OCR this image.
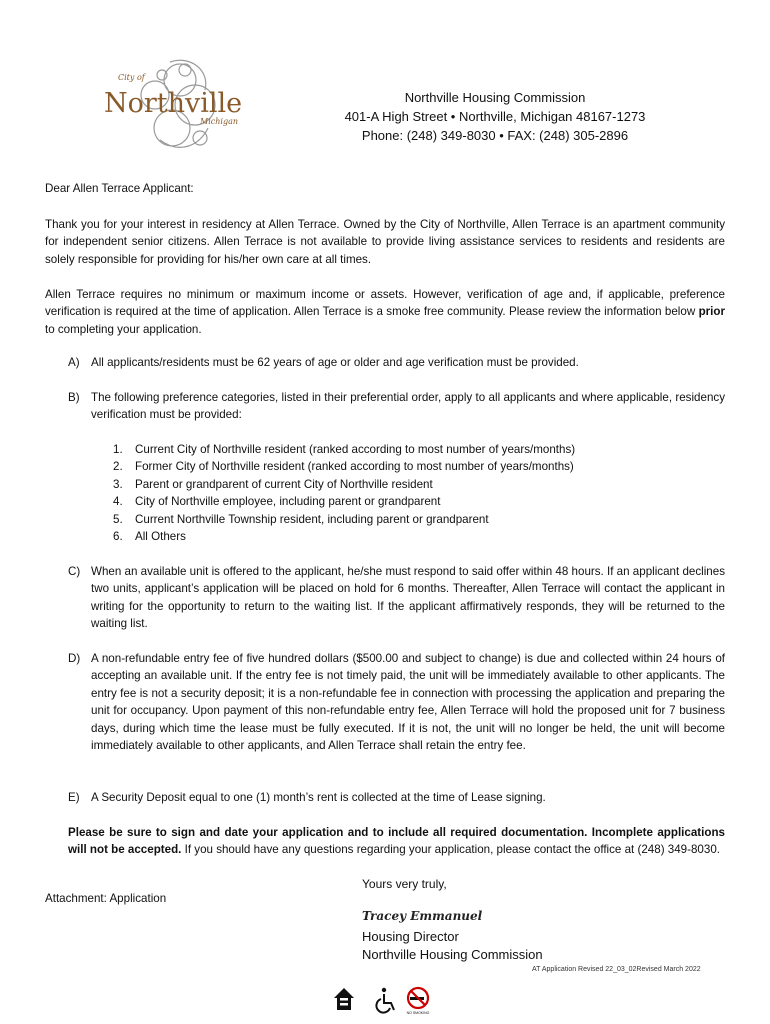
City of
Northville
Michigan
Northville Housing Commission
401-A High Street • Northville, Michigan 48167-1273
Phone: (248) 349-8030 • FAX: (248) 305-2896
Dear Allen Terrace Applicant:
Thank you for your interest in residency at Allen Terrace. Owned by the City of Northville, Allen Terrace is an apartment community for independent senior citizens. Allen Terrace is not available to provide living assistance services to residents and residents are solely responsible for providing for his/her own care at all times.
Allen Terrace requires no minimum or maximum income or assets. However, verification of age and, if applicable, preference verification is required at the time of application. Allen Terrace is a smoke free community. Please review the information below prior to completing your application.
A) All applicants/residents must be 62 years of age or older and age verification must be provided.
B) The following preference categories, listed in their preferential order, apply to all applicants and where applicable, residency verification must be provided:
1. Current City of Northville resident (ranked according to most number of years/months)
2. Former City of Northville resident (ranked according to most number of years/months)
3. Parent or grandparent of current City of Northville resident
4. City of Northville employee, including parent or grandparent
5. Current Northville Township resident, including parent or grandparent
6. All Others
C) When an available unit is offered to the applicant, he/she must respond to said offer within 48 hours. If an applicant declines two units, applicant’s application will be placed on hold for 6 months. Thereafter, Allen Terrace will contact the applicant in writing for the opportunity to return to the waiting list. If the applicant affirmatively responds, they will be returned to the waiting list.
D) A non-refundable entry fee of five hundred dollars ($500.00 and subject to change) is due and collected within 24 hours of accepting an available unit. If the entry fee is not timely paid, the unit will be immediately available to other applicants. The entry fee is not a security deposit; it is a non-refundable fee in connection with processing the application and preparing the unit for occupancy. Upon payment of this non-refundable entry fee, Allen Terrace will hold the proposed unit for 7 business days, during which time the lease must be fully executed. If it is not, the unit will no longer be held, the unit will become immediately available to other applicants, and Allen Terrace shall retain the entry fee.
E) A Security Deposit equal to one (1) month’s rent is collected at the time of Lease signing.
Please be sure to sign and date your application and to include all required documentation. Incomplete applications will not be accepted. If you should have any questions regarding your application, please contact the office at (248) 349-8030.
Yours very truly,
Attachment: Application
Tracey Emmanuel
Housing Director
Northville Housing Commission
AT Application Revised 22_03_02Revised March 2022
NO SMOKING
